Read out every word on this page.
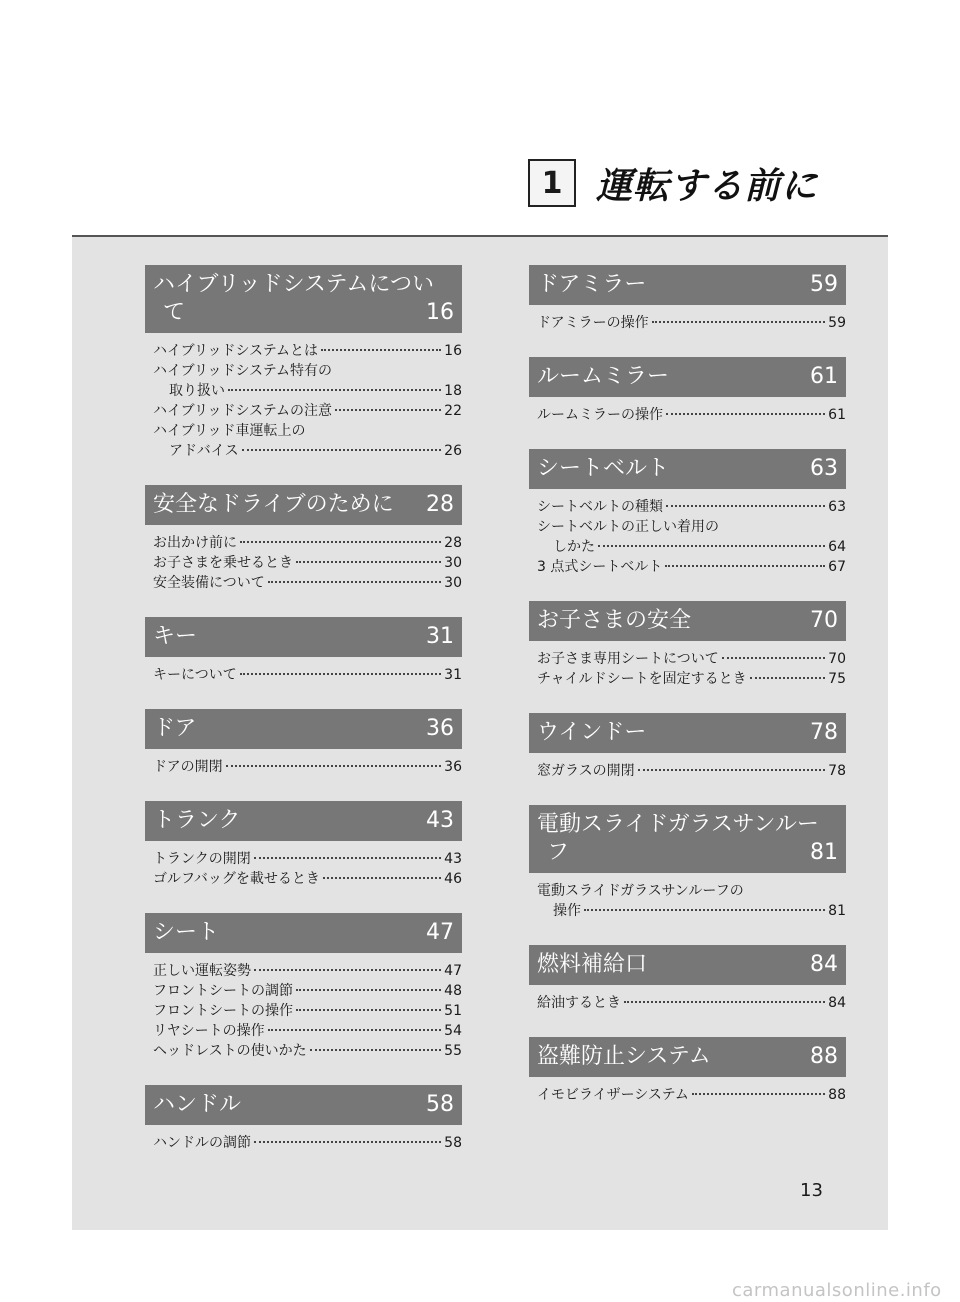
1 運転する前に
ハイブリッドシステムについ
て	16
ハイブリッドシステムとは	16
ハイブリッドシステム特有の
取り扱い	18
ハイブリッドシステムの注意	22
ハイブリッド車運転上の
アドバイス	26
安全なドライブのために 28
お出かけ前に	28
お子さまを乗せるとき	30
安全装備について	30
キー	31
キーについて	31
ドア	36
ドアの開閉	36
トランク	43
トランクの開閉	43
ゴルフバッグを載せるとき	46
シート	47
正しい運転姿勢	47
フロントシートの調節	48
フロントシートの操作	51
リヤシートの操作	54
ヘッドレストの使いかた	55
ハンドル	58
ハンドルの調節	58
ドアミラー	59
ドアミラーの操作	59
ルームミラー	61
ルームミラーの操作	61
シートベルト	63
シートベルトの種類	63
シートベルトの正しい着用の
しかた	64
3 点式シートベルト	67
お子さまの安全	70
お子さま専用シートについて	70
チャイルドシートを固定するとき	75
ウインドー	78
窓ガラスの開閉	78
電動スライドガラスサンルー
フ	81
電動スライドガラスサンルーフの
操作	81
燃料補給口	84
給油するとき	84
盗難防止システム	88
イモビライザーシステム	88
13
carmanualsonline.info
